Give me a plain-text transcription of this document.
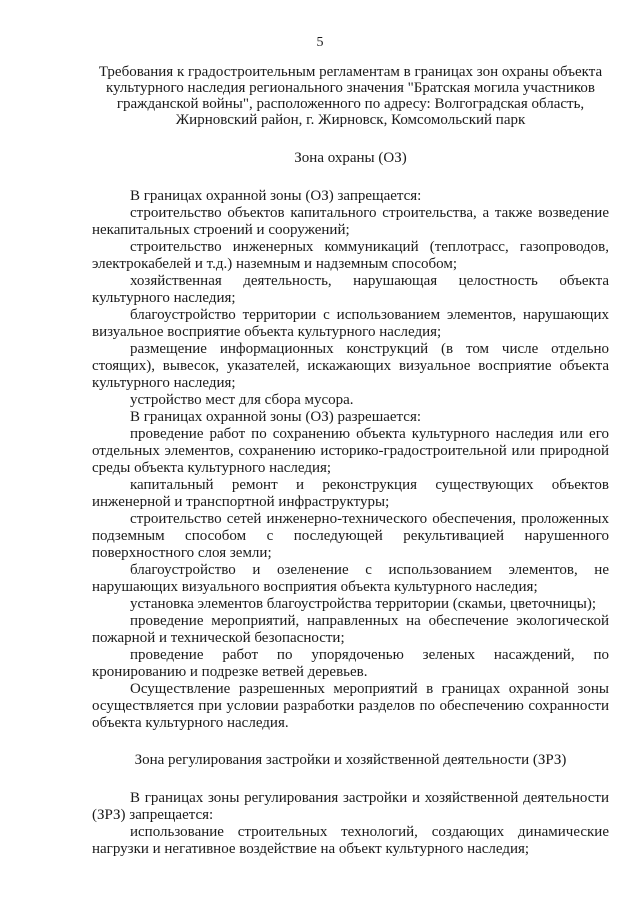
5
Требования к градостроительным регламентам в границах зон охраны объекта культурного наследия регионального значения "Братская могила участников гражданской войны", расположенного по адресу: Волгоградская область, Жирновский район, г. Жирновск, Комсомольский парк
Зона охраны (ОЗ)

В границах охранной зоны (ОЗ) запрещается:

строительство объектов капитального строительства, а также возведение некапитальных строений и сооружений;

строительство инженерных коммуникаций (теплотрасс, газопроводов, электрокабелей и т.д.) наземным и надземным способом;

хозяйственная деятельность, нарушающая целостность объекта культурного наследия;

благоустройство территории с использованием элементов, нарушающих визуальное восприятие объекта культурного наследия;

размещение информационных конструкций (в том числе отдельно стоящих), вывесок, указателей, искажающих визуальное восприятие объекта культурного наследия;

устройство мест для сбора мусора.

В границах охранной зоны (ОЗ) разрешается:

проведение работ по сохранению объекта культурного наследия или его отдельных элементов, сохранению историко-градостроительной или природной среды объекта культурного наследия;

капитальный ремонт и реконструкция существующих объектов инженерной и транспортной инфраструктуры;

строительство сетей инженерно-технического обеспечения, проложенных подземным способом с последующей рекультивацией нарушенного поверхностного слоя земли;

благоустройство и озеленение с использованием элементов, не нарушающих визуального восприятия объекта культурного наследия;

установка элементов благоустройства территории (скамьи, цветочницы);

проведение мероприятий, направленных на обеспечение экологической пожарной и технической безопасности;

проведение работ по упорядоченью зеленых насаждений, по кронированию и подрезке ветвей деревьев.

Осуществление разрешенных мероприятий в границах охранной зоны осуществляется при условии разработки разделов по обеспечению сохранности объекта культурного наследия.

Зона регулирования застройки и хозяйственной деятельности (ЗРЗ)

В границах зоны регулирования застройки и хозяйственной деятельности (ЗРЗ) запрещается:

использование строительных технологий, создающих динамические нагрузки и негативное воздействие на объект культурного наследия;
